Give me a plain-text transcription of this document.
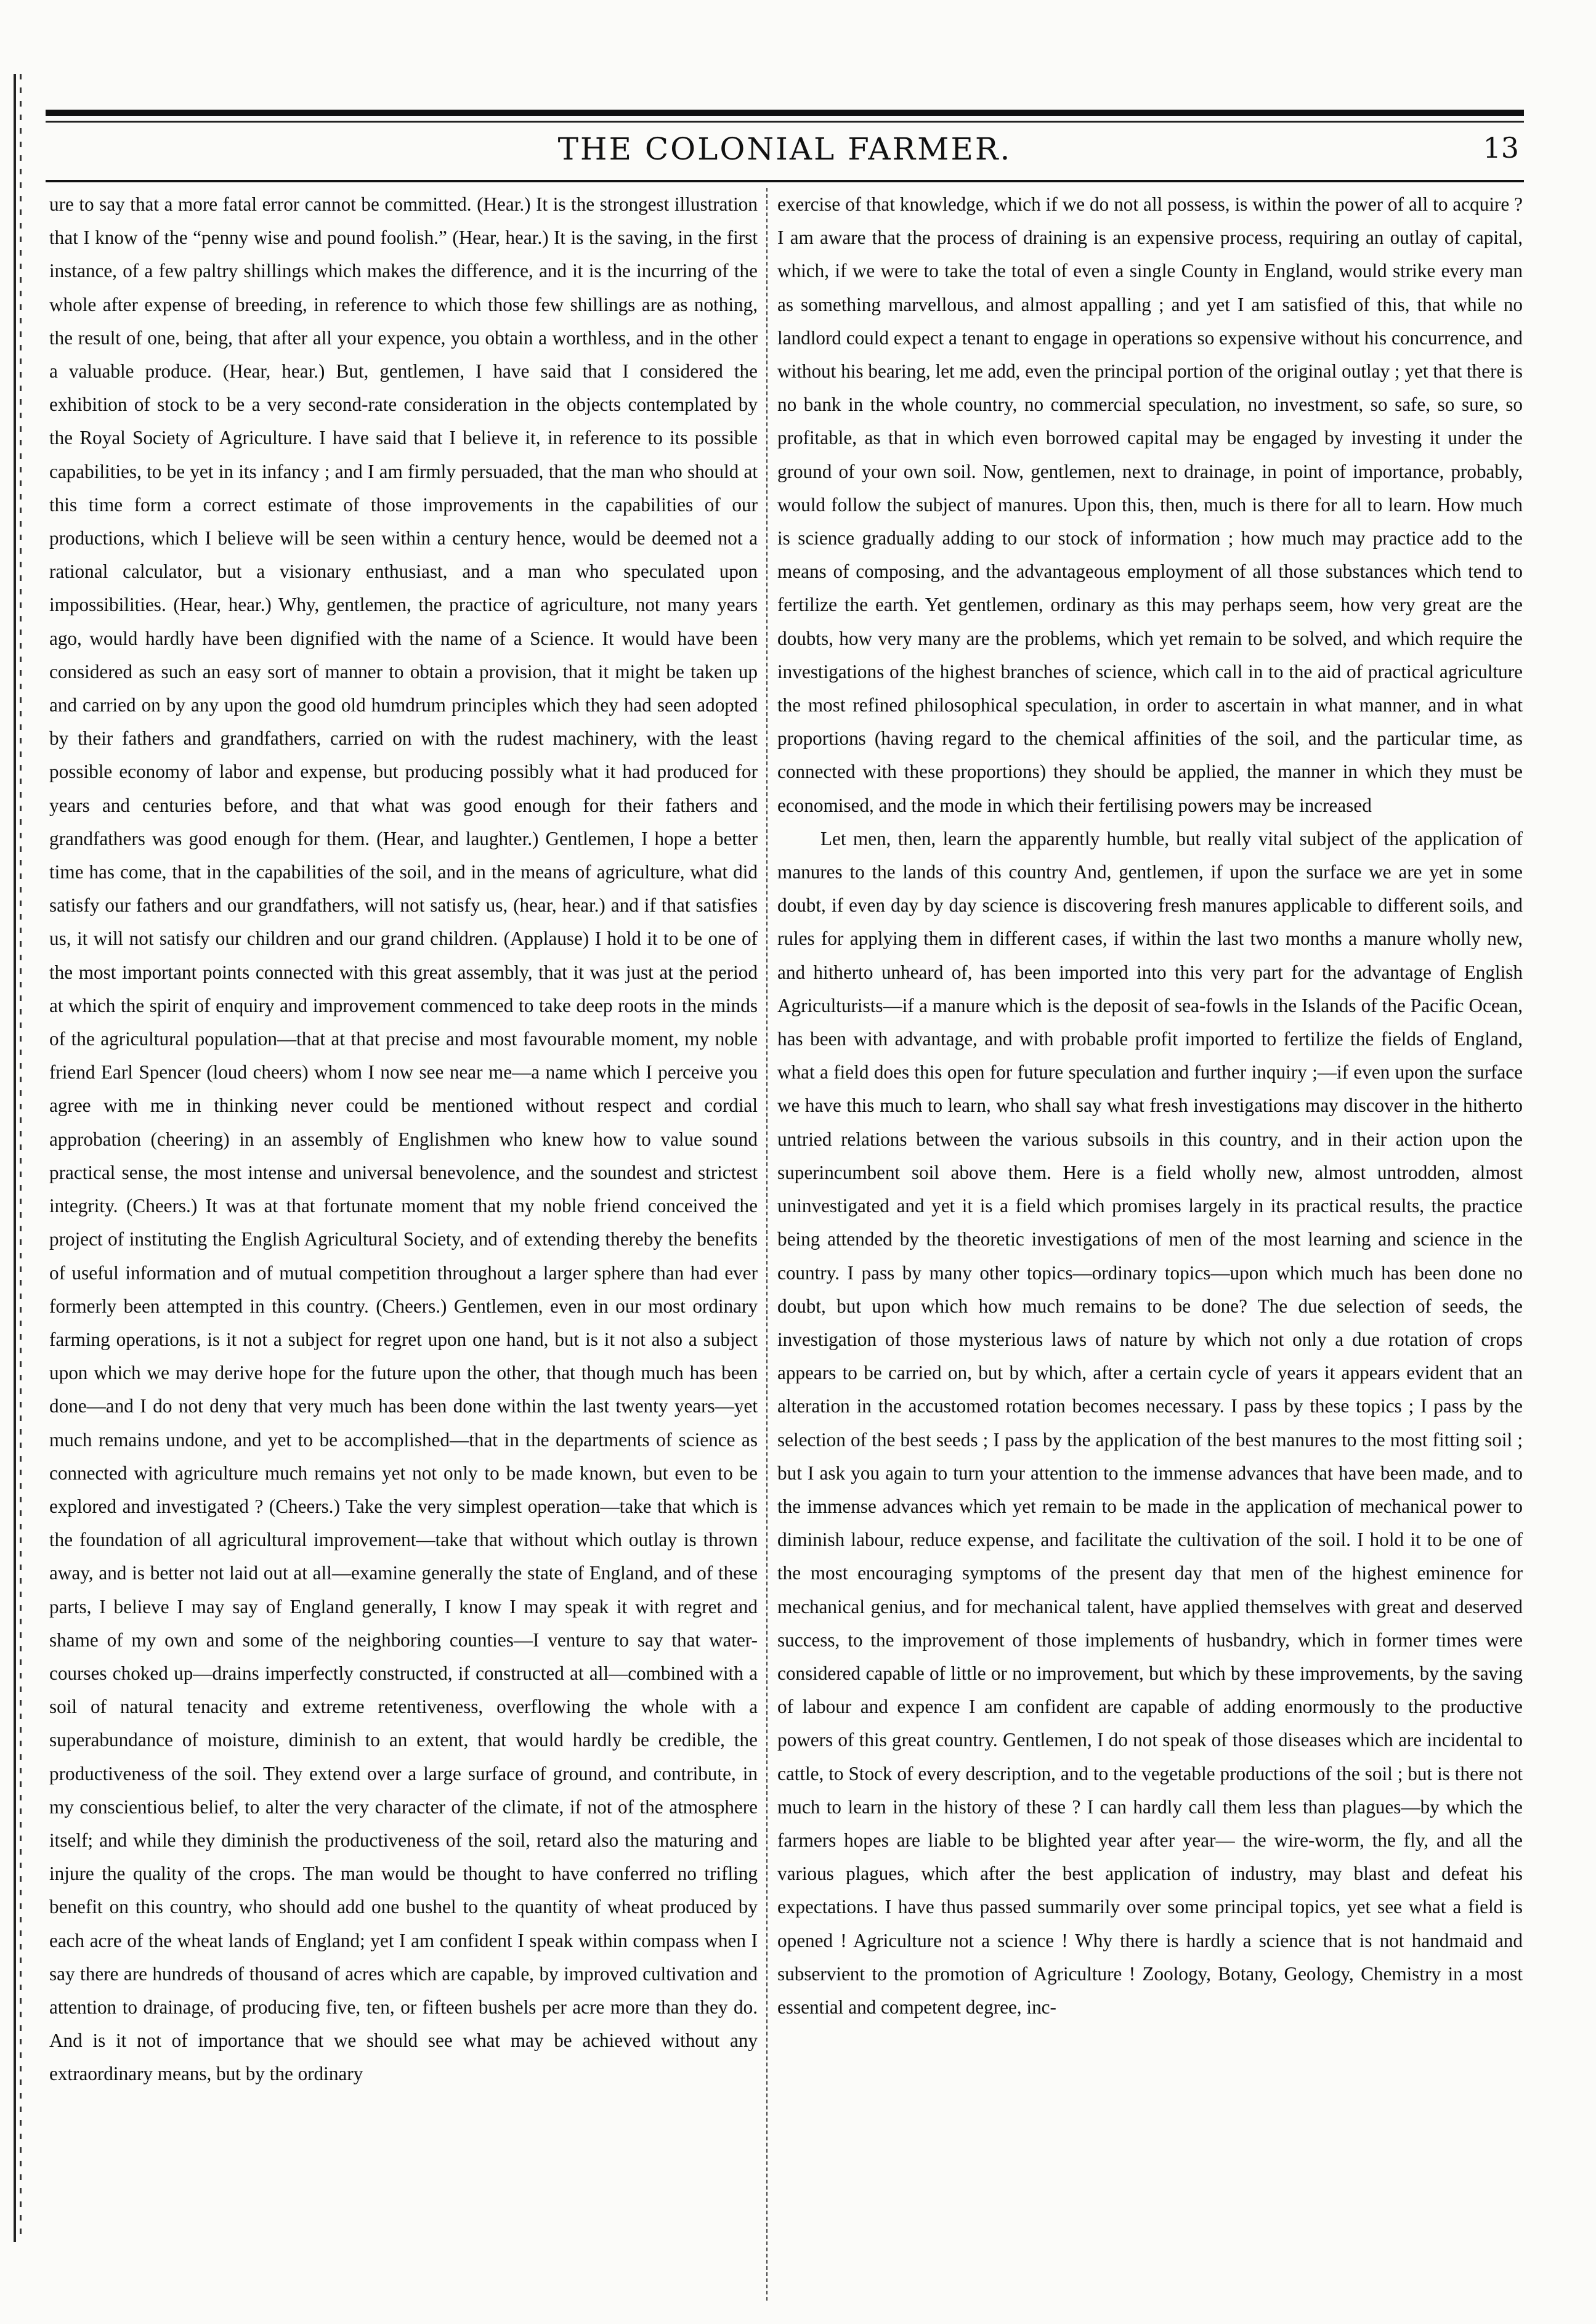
THE COLONIAL FARMER.	13

ure to say that a more fatal error cannot be committed. (Hear.) It is the strongest illustration that I know of the “penny wise and pound foolish.” (Hear, hear.) It is the saving, in the first instance, of a few paltry shillings which makes the difference, and it is the incurring of the whole after expense of breeding, in reference to which those few shillings are as nothing, the result of one, being, that after all your expence, you obtain a worthless, and in the other a valuable produce. (Hear, hear.) But, gentlemen, I have said that I considered the exhibition of stock to be a very second-rate consideration in the objects contemplated by the Royal Society of Agriculture. I have said that I believe it, in reference to its possible capabilities, to be yet in its infancy ; and I am firmly persuaded, that the man who should at this time form a correct estimate of those improvements in the capabilities of our productions, which I believe will be seen within a century hence, would be deemed not a rational calculator, but a visionary enthusiast, and a man who speculated upon impossibilities. (Hear, hear.) Why, gentlemen, the practice of agriculture, not many years ago, would hardly have been dignified with the name of a Science. It would have been considered as such an easy sort of manner to obtain a provision, that it might be taken up and carried on by any upon the good old humdrum principles which they had seen adopted by their fathers and grandfathers, carried on with the rudest machinery, with the least possible economy of labor and expense, but producing possibly what it had produced for years and centuries before, and that what was good enough for their fathers and grandfathers was good enough for them. (Hear, and laughter.) Gentlemen, I hope a better time has come, that in the capabilities of the soil, and in the means of agriculture, what did satisfy our fathers and our grandfathers, will not satisfy us, (hear, hear.) and if that satisfies us, it will not satisfy our children and our grand children. (Applause) I hold it to be one of the most important points connected with this great assembly, that it was just at the period at which the spirit of enquiry and improvement commenced to take deep roots in the minds of the agricultural population—that at that precise and most favourable moment, my noble friend Earl Spencer (loud cheers) whom I now see near me—a name which I perceive you agree with me in thinking never could be mentioned without respect and cordial approbation (cheering) in an assembly of Englishmen who knew how to value sound practical sense, the most intense and universal benevolence, and the soundest and strictest integrity. (Cheers.) It was at that fortunate moment that my noble friend conceived the project of instituting the English Agricultural Society, and of extending thereby the benefits of useful information and of mutual competition throughout a larger sphere than had ever formerly been attempted in this country. (Cheers.) Gentlemen, even in our most ordinary farming operations, is it not a subject for regret upon one hand, but is it not also a subject upon which we may derive hope for the future upon the other, that though much has been done—and I do not deny that very much has been done within the last twenty years—yet much remains undone, and yet to be accomplished—that in the departments of science as connected with agriculture much remains yet not only to be made known, but even to be explored and investigated ? (Cheers.) Take the very simplest operation—take that which is the foundation of all agricultural improvement—take that without which outlay is thrown away, and is better not laid out at all—examine generally the state of England, and of these parts, I believe I may say of England generally, I know I may speak it with regret and shame of my own and some of the neighboring counties—I venture to say that water-courses choked up—drains imperfectly constructed, if constructed at all—combined with a soil of natural tenacity and extreme retentiveness, overflowing the whole with a superabundance of moisture, diminish to an extent, that would hardly be credible, the productiveness of the soil. They extend over a large surface of ground, and contribute, in my conscientious belief, to alter the very character of the climate, if not of the atmosphere itself; and while they diminish the productiveness of the soil, retard also the maturing and injure the quality of the crops. The man would be thought to have conferred no trifling benefit on this country, who should add one bushel to the quantity of wheat produced by each acre of the wheat lands of England; yet I am confident I speak within compass when I say there are hundreds of thousand of acres which are capable, by improved cultivation and attention to drainage, of producing five, ten, or fifteen bushels per acre more than they do. And is it not of importance that we should see what may be achieved without any extraordinary means, but by the ordinary

exercise of that knowledge, which if we do not all possess, is within the power of all to acquire ? I am aware that the process of draining is an expensive process, requiring an outlay of capital, which, if we were to take the total of even a single County in England, would strike every man as something marvellous, and almost appalling ; and yet I am satisfied of this, that while no landlord could expect a tenant to engage in operations so expensive without his concurrence, and without his bearing, let me add, even the principal portion of the original outlay ; yet that there is no bank in the whole country, no commercial speculation, no investment, so safe, so sure, so profitable, as that in which even borrowed capital may be engaged by investing it under the ground of your own soil. Now, gentlemen, next to drainage, in point of importance, probably, would follow the subject of manures. Upon this, then, much is there for all to learn. How much is science gradually adding to our stock of information ; how much may practice add to the means of composing, and the advantageous employment of all those substances which tend to fertilize the earth. Yet gentlemen, ordinary as this may perhaps seem, how very great are the doubts, how very many are the problems, which yet remain to be solved, and which require the investigations of the highest branches of science, which call in to the aid of practical agriculture the most refined philosophical speculation, in order to ascertain in what manner, and in what proportions (having regard to the chemical affinities of the soil, and the particular time, as connected with these proportions) they should be applied, the manner in which they must be economised, and the mode in which their fertilising powers may be increased

Let men, then, learn the apparently humble, but really vital subject of the application of manures to the lands of this country And, gentlemen, if upon the surface we are yet in some doubt, if even day by day science is discovering fresh manures applicable to different soils, and rules for applying them in different cases, if within the last two months a manure wholly new, and hitherto unheard of, has been imported into this very part for the advantage of English Agriculturists—if a manure which is the deposit of sea-fowls in the Islands of the Pacific Ocean, has been with advantage, and with probable profit imported to fertilize the fields of England, what a field does this open for future speculation and further inquiry ;—if even upon the surface we have this much to learn, who shall say what fresh investigations may discover in the hitherto untried relations between the various subsoils in this country, and in their action upon the superincumbent soil above them. Here is a field wholly new, almost untrodden, almost uninvestigated and yet it is a field which promises largely in its practical results, the practice being attended by the theoretic investigations of men of the most learning and science in the country. I pass by many other topics—ordinary topics—upon which much has been done no doubt, but upon which how much remains to be done? The due selection of seeds, the investigation of those mysterious laws of nature by which not only a due rotation of crops appears to be carried on, but by which, after a certain cycle of years it appears evident that an alteration in the accustomed rotation becomes necessary. I pass by these topics ; I pass by the selection of the best seeds ; I pass by the application of the best manures to the most fitting soil ; but I ask you again to turn your attention to the immense advances that have been made, and to the immense advances which yet remain to be made in the application of mechanical power to diminish labour, reduce expense, and facilitate the cultivation of the soil. I hold it to be one of the most encouraging symptoms of the present day that men of the highest eminence for mechanical genius, and for mechanical talent, have applied themselves with great and deserved success, to the improvement of those implements of husbandry, which in former times were considered capable of little or no improvement, but which by these improvements, by the saving of labour and expence I am confident are capable of adding enormously to the productive powers of this great country. Gentlemen, I do not speak of those diseases which are incidental to cattle, to Stock of every description, and to the vegetable productions of the soil ; but is there not much to learn in the history of these ? I can hardly call them less than plagues—by which the farmers hopes are liable to be blighted year after year— the wire-worm, the fly, and all the various plagues, which after the best application of industry, may blast and defeat his expectations. I have thus passed summarily over some principal topics, yet see what a field is opened ! Agriculture not a science ! Why there is hardly a science that is not handmaid and subservient to the promotion of Agriculture ! Zoology, Botany, Geology, Chemistry in a most essential and competent degree, inc-
